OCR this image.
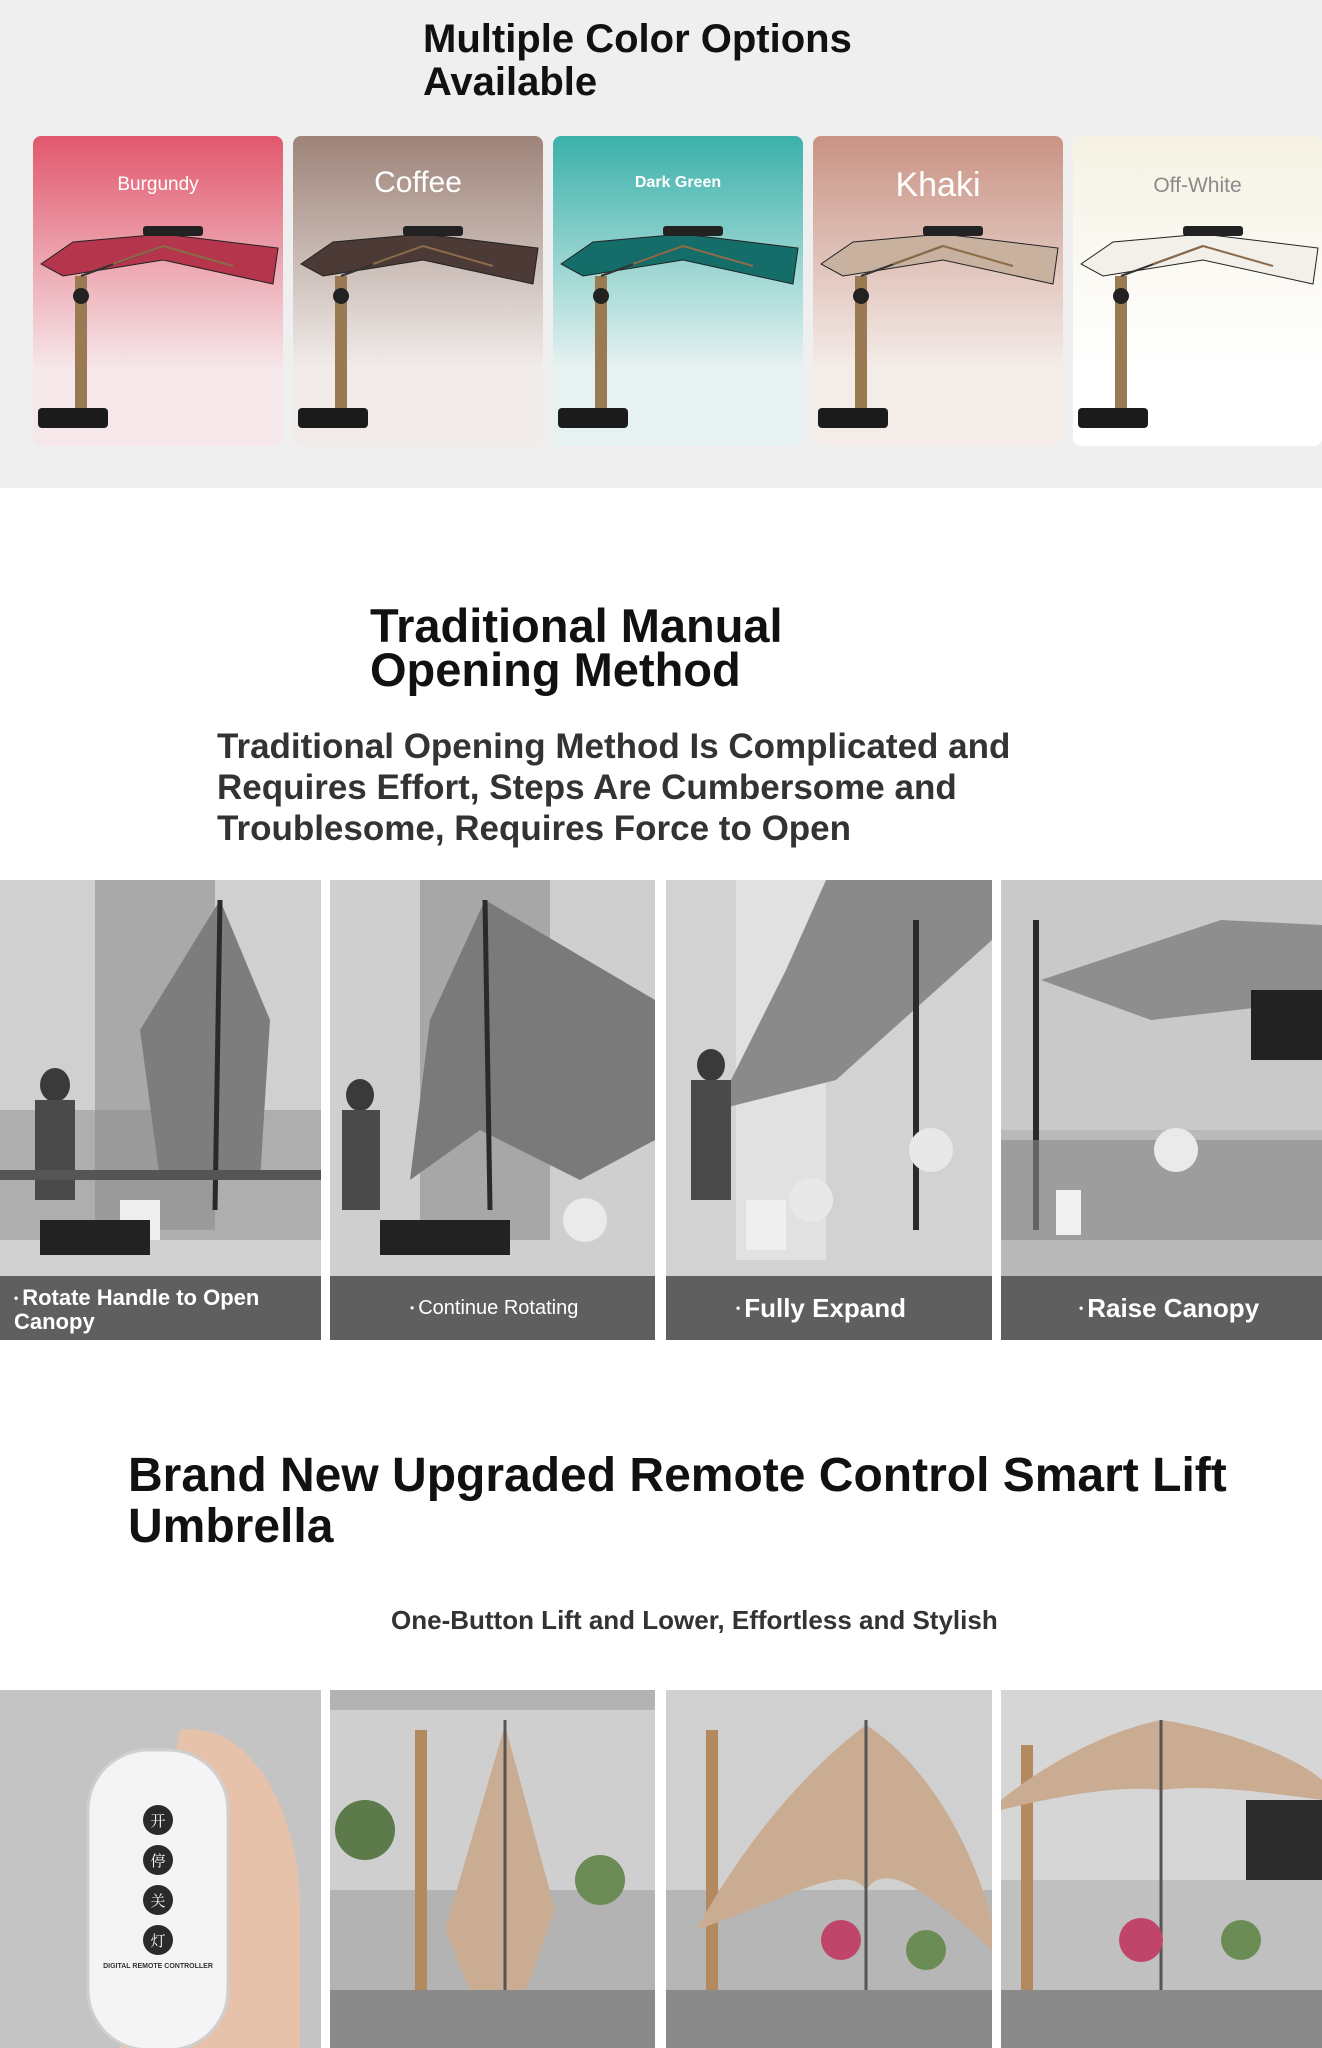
Multiple Color Options Available
Burgundy	Coffee	Dark Green	Khaki	Off-White
Traditional Manual Opening Method

Traditional Opening Method Is Complicated and Requires Effort, Steps Are Cumbersome and Troublesome, Requires Force to Open

• Rotate Handle to Open Canopy
• Continue Rotating	• Fully Expand	• Raise Canopy
Brand New Upgraded Remote Control Smart Lift Umbrella

One-Button Lift and Lower, Effortless and Stylish

开
停
关
灯
DIGITAL REMOTE CONTROLLER
